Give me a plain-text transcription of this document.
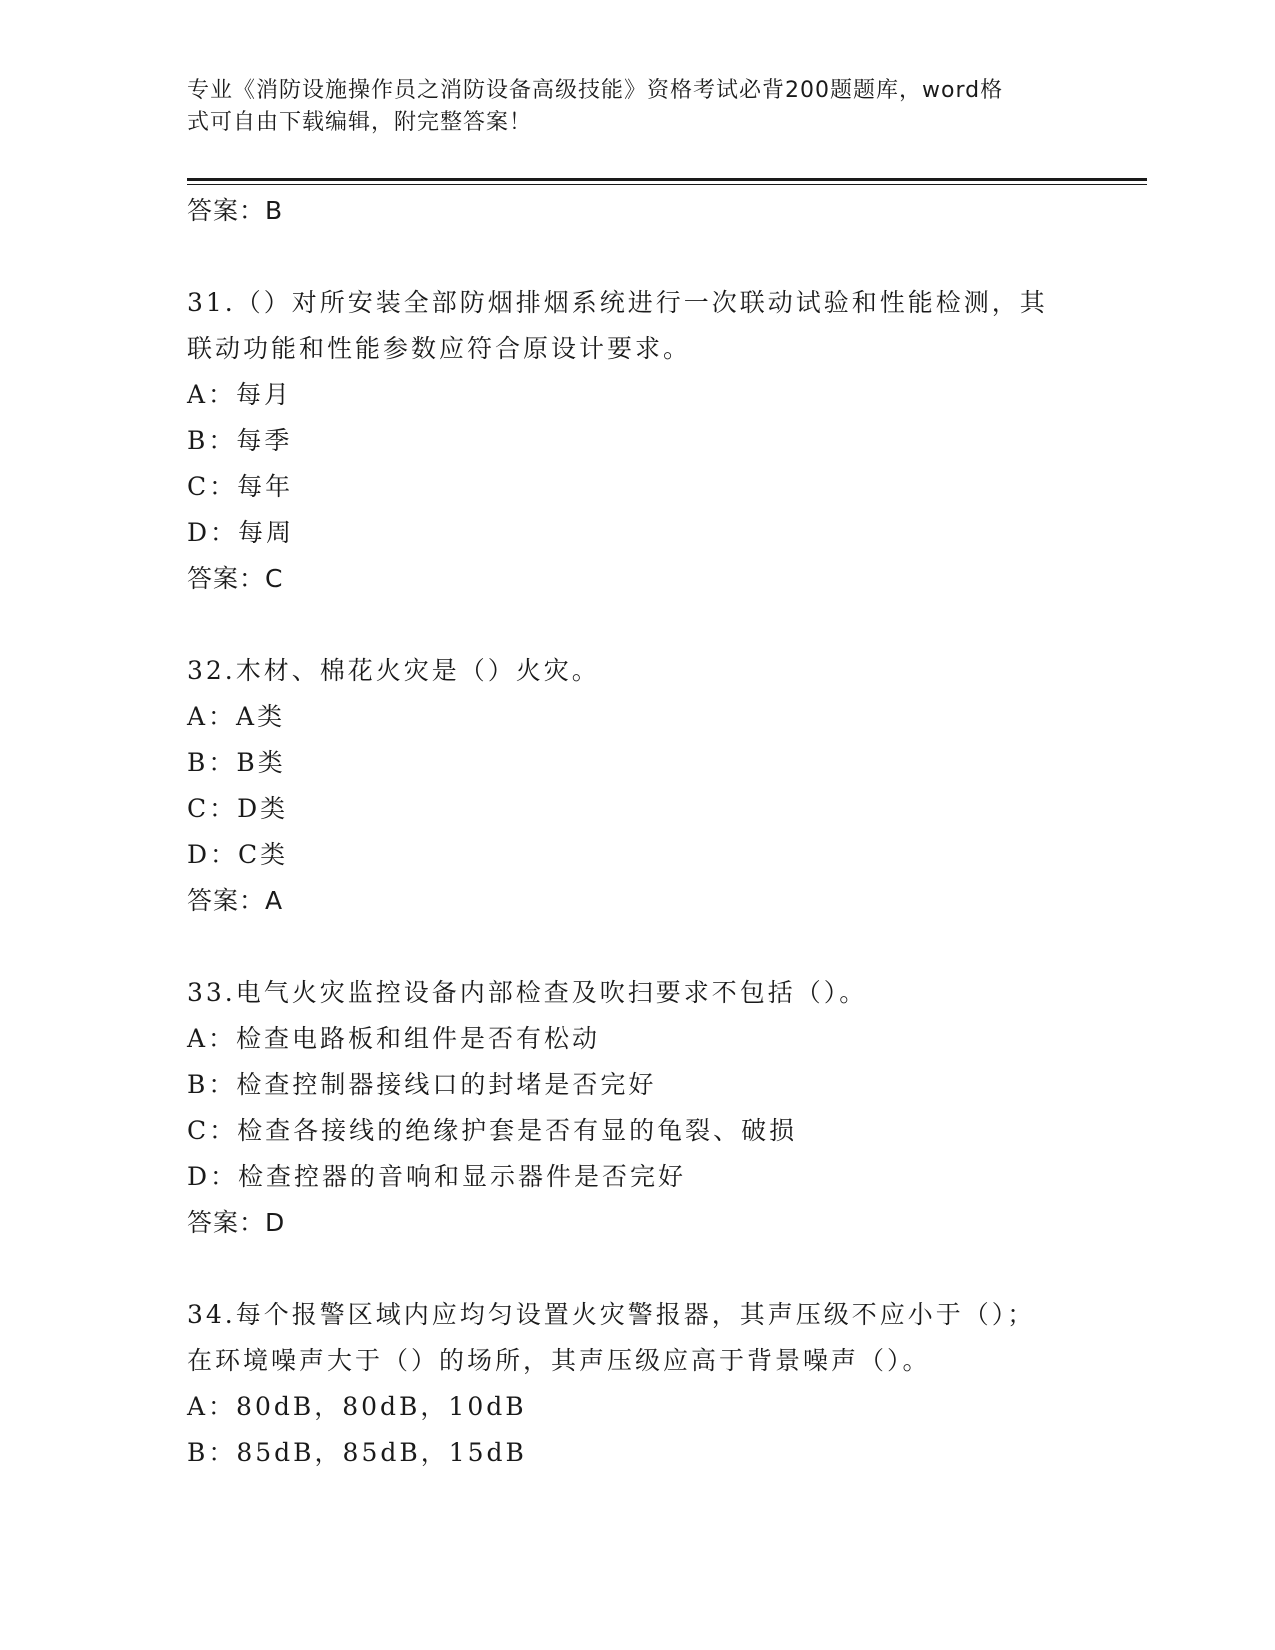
专业《消防设施操作员之消防设备高级技能》资格考试必背200题题库，word格
式可自由下载编辑，附完整答案！
答案：B
31.（）对所安装全部防烟排烟系统进行一次联动试验和性能检测，其
联动功能和性能参数应符合原设计要求。
A：每月
B：每季
C：每年
D：每周
答案：C
32.木材、棉花火灾是（）火灾。
A：A类
B：B类
C：D类
D：C类
答案：A
33.电气火灾监控设备内部检查及吹扫要求不包括（）。
A：检查电路板和组件是否有松动
B：检查控制器接线口的封堵是否完好
C：检查各接线的绝缘护套是否有显的龟裂、破损
D：检查控器的音响和显示器件是否完好
答案：D
34.每个报警区域内应均匀设置火灾警报器，其声压级不应小于（）；
在环境噪声大于（）的场所，其声压级应高于背景噪声（）。
A：80dB，80dB，10dB
B：85dB，85dB，15dB
